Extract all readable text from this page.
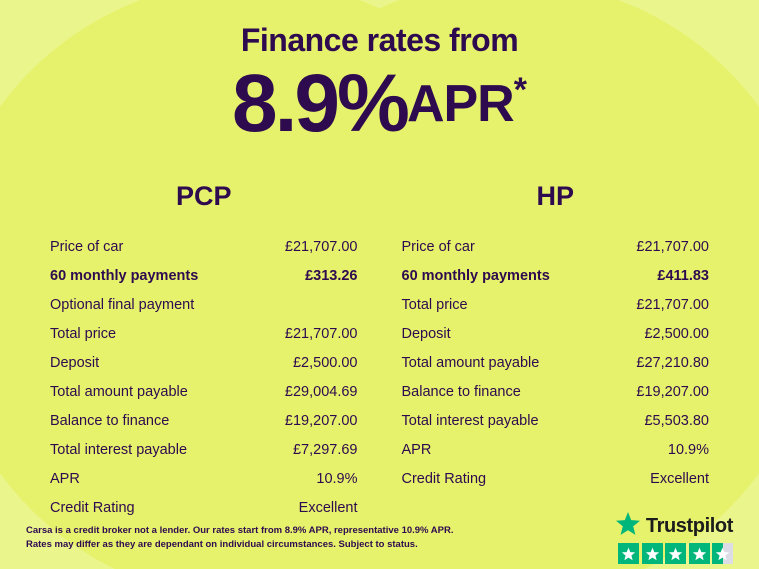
Finance rates from
8.9%APR*
PCP
Price of car	£21,707.00
60 monthly payments	£313.26
Optional final payment
Total price	£21,707.00
Deposit	£2,500.00
Total amount payable	£29,004.69
Balance to finance	£19,207.00
Total interest payable	£7,297.69
APR	10.9%
Credit Rating	Excellent
HP
Price of car	£21,707.00
60 monthly payments	£411.83
Total price	£21,707.00
Deposit	£2,500.00
Total amount payable	£27,210.80
Balance to finance	£19,207.00
Total interest payable	£5,503.80
APR	10.9%
Credit Rating	Excellent
Carsa is a credit broker not a lender. Our rates start from 8.9% APR, representative 10.9% APR.
Rates may differ as they are dependant on individual circumstances. Subject to status.
Trustpilot
